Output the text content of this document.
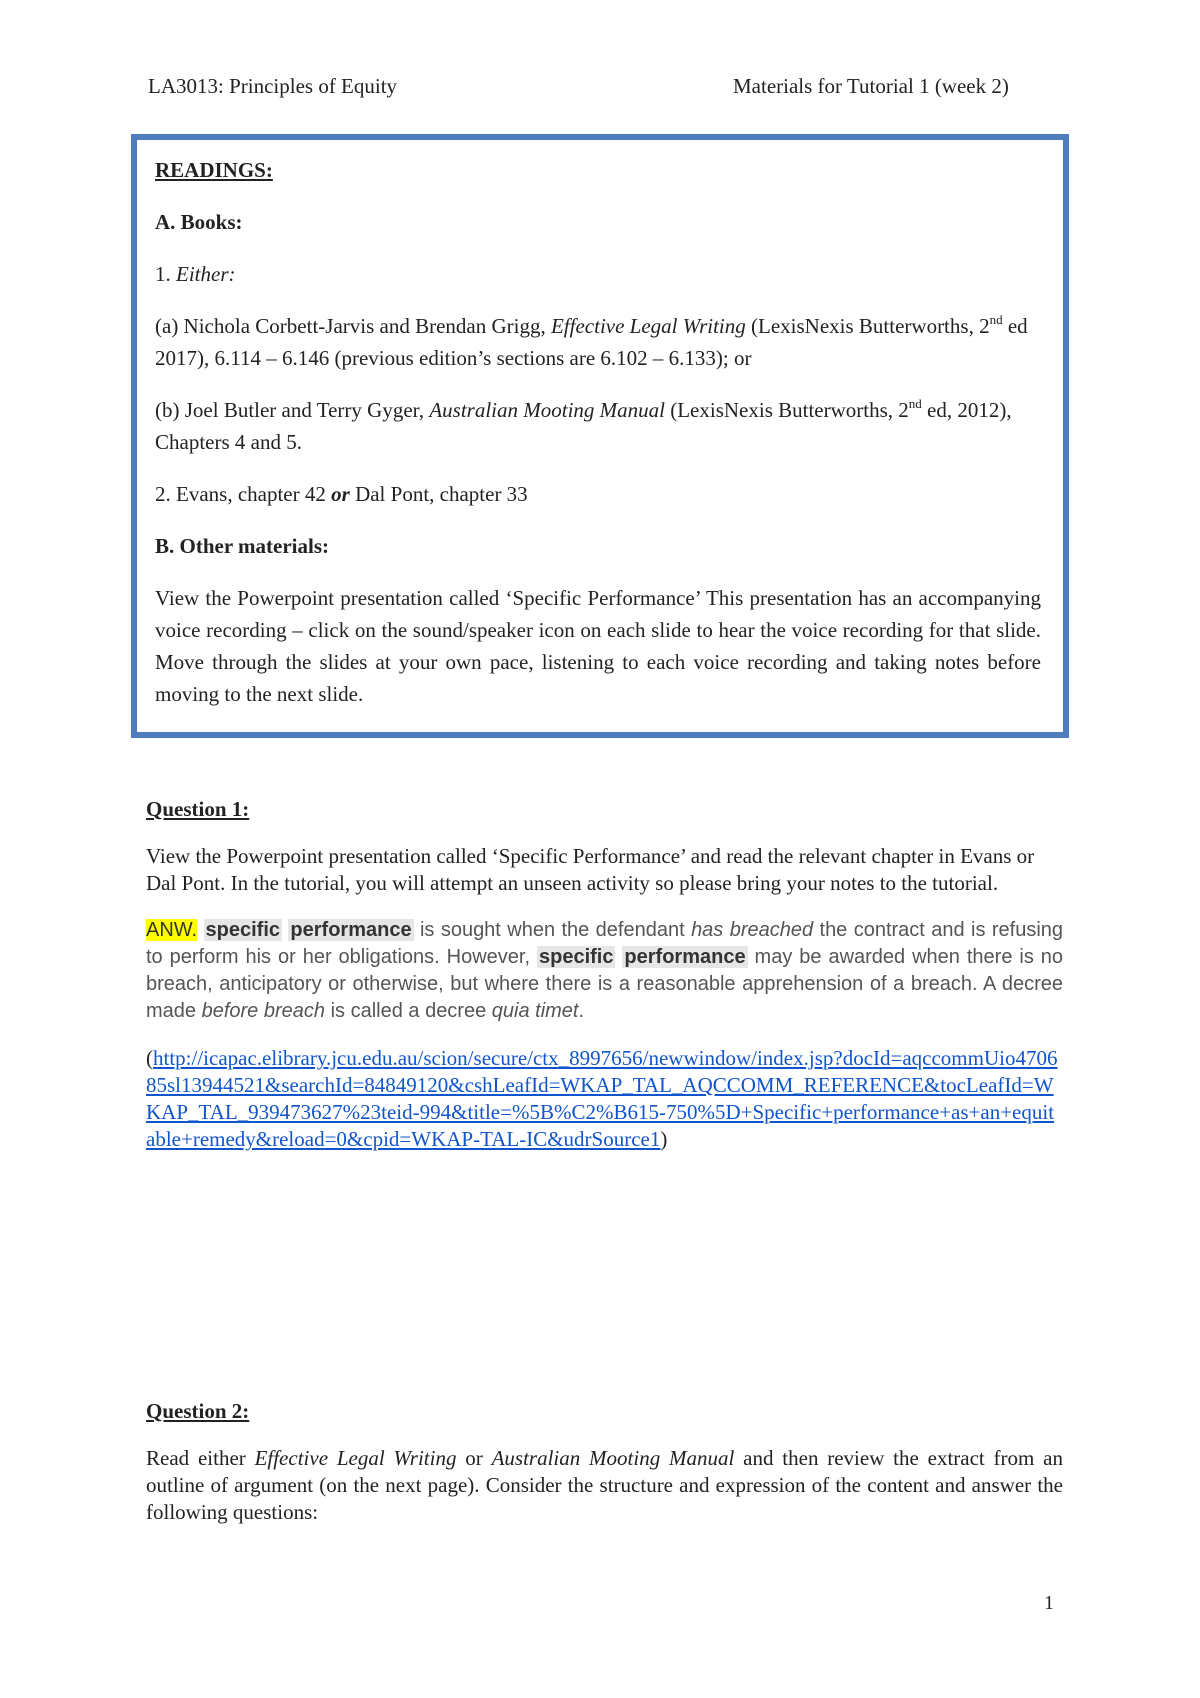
LA3013: Principles of Equity	Materials for Tutorial 1 (week 2)

READINGS:

A. Books:

1. Either:

(a) Nichola Corbett-Jarvis and Brendan Grigg, Effective Legal Writing (LexisNexis Butterworths, 2nd ed 2017), 6.114 – 6.146 (previous edition’s sections are 6.102 – 6.133); or

(b) Joel Butler and Terry Gyger, Australian Mooting Manual (LexisNexis Butterworths, 2nd ed, 2012), Chapters 4 and 5.

2. Evans, chapter 42 or Dal Pont, chapter 33

B. Other materials:

View the Powerpoint presentation called ‘Specific Performance’ This presentation has an accompanying voice recording – click on the sound/speaker icon on each slide to hear the voice recording for that slide. Move through the slides at your own pace, listening to each voice recording and taking notes before moving to the next slide.

Question 1:

View the Powerpoint presentation called ‘Specific Performance’ and read the relevant chapter in Evans or Dal Pont. In the tutorial, you will attempt an unseen activity so please bring your notes to the tutorial.

ANW. specific performance is sought when the defendant has breached the contract and is refusing to perform his or her obligations. However, specific performance may be awarded when there is no breach, anticipatory or otherwise, but where there is a reasonable apprehension of a breach. A decree made before breach is called a decree quia timet.

(http://icapac.elibrary.jcu.edu.au/scion/secure/ctx_8997656/newwindow/index.jsp?docId=aqccommUio470685sl13944521&searchId=84849120&cshLeafId=WKAP_TAL_AQCCOMM_REFERENCE&tocLeafId=WKAP_TAL_939473627%23teid-994&title=%5B%C2%B615-750%5D+Specific+performance+as+an+equitable+remedy&reload=0&cpid=WKAP-TAL-IC&udrSource1)

Question 2:

Read either Effective Legal Writing or Australian Mooting Manual and then review the extract from an outline of argument (on the next page). Consider the structure and expression of the content and answer the following questions:

1
